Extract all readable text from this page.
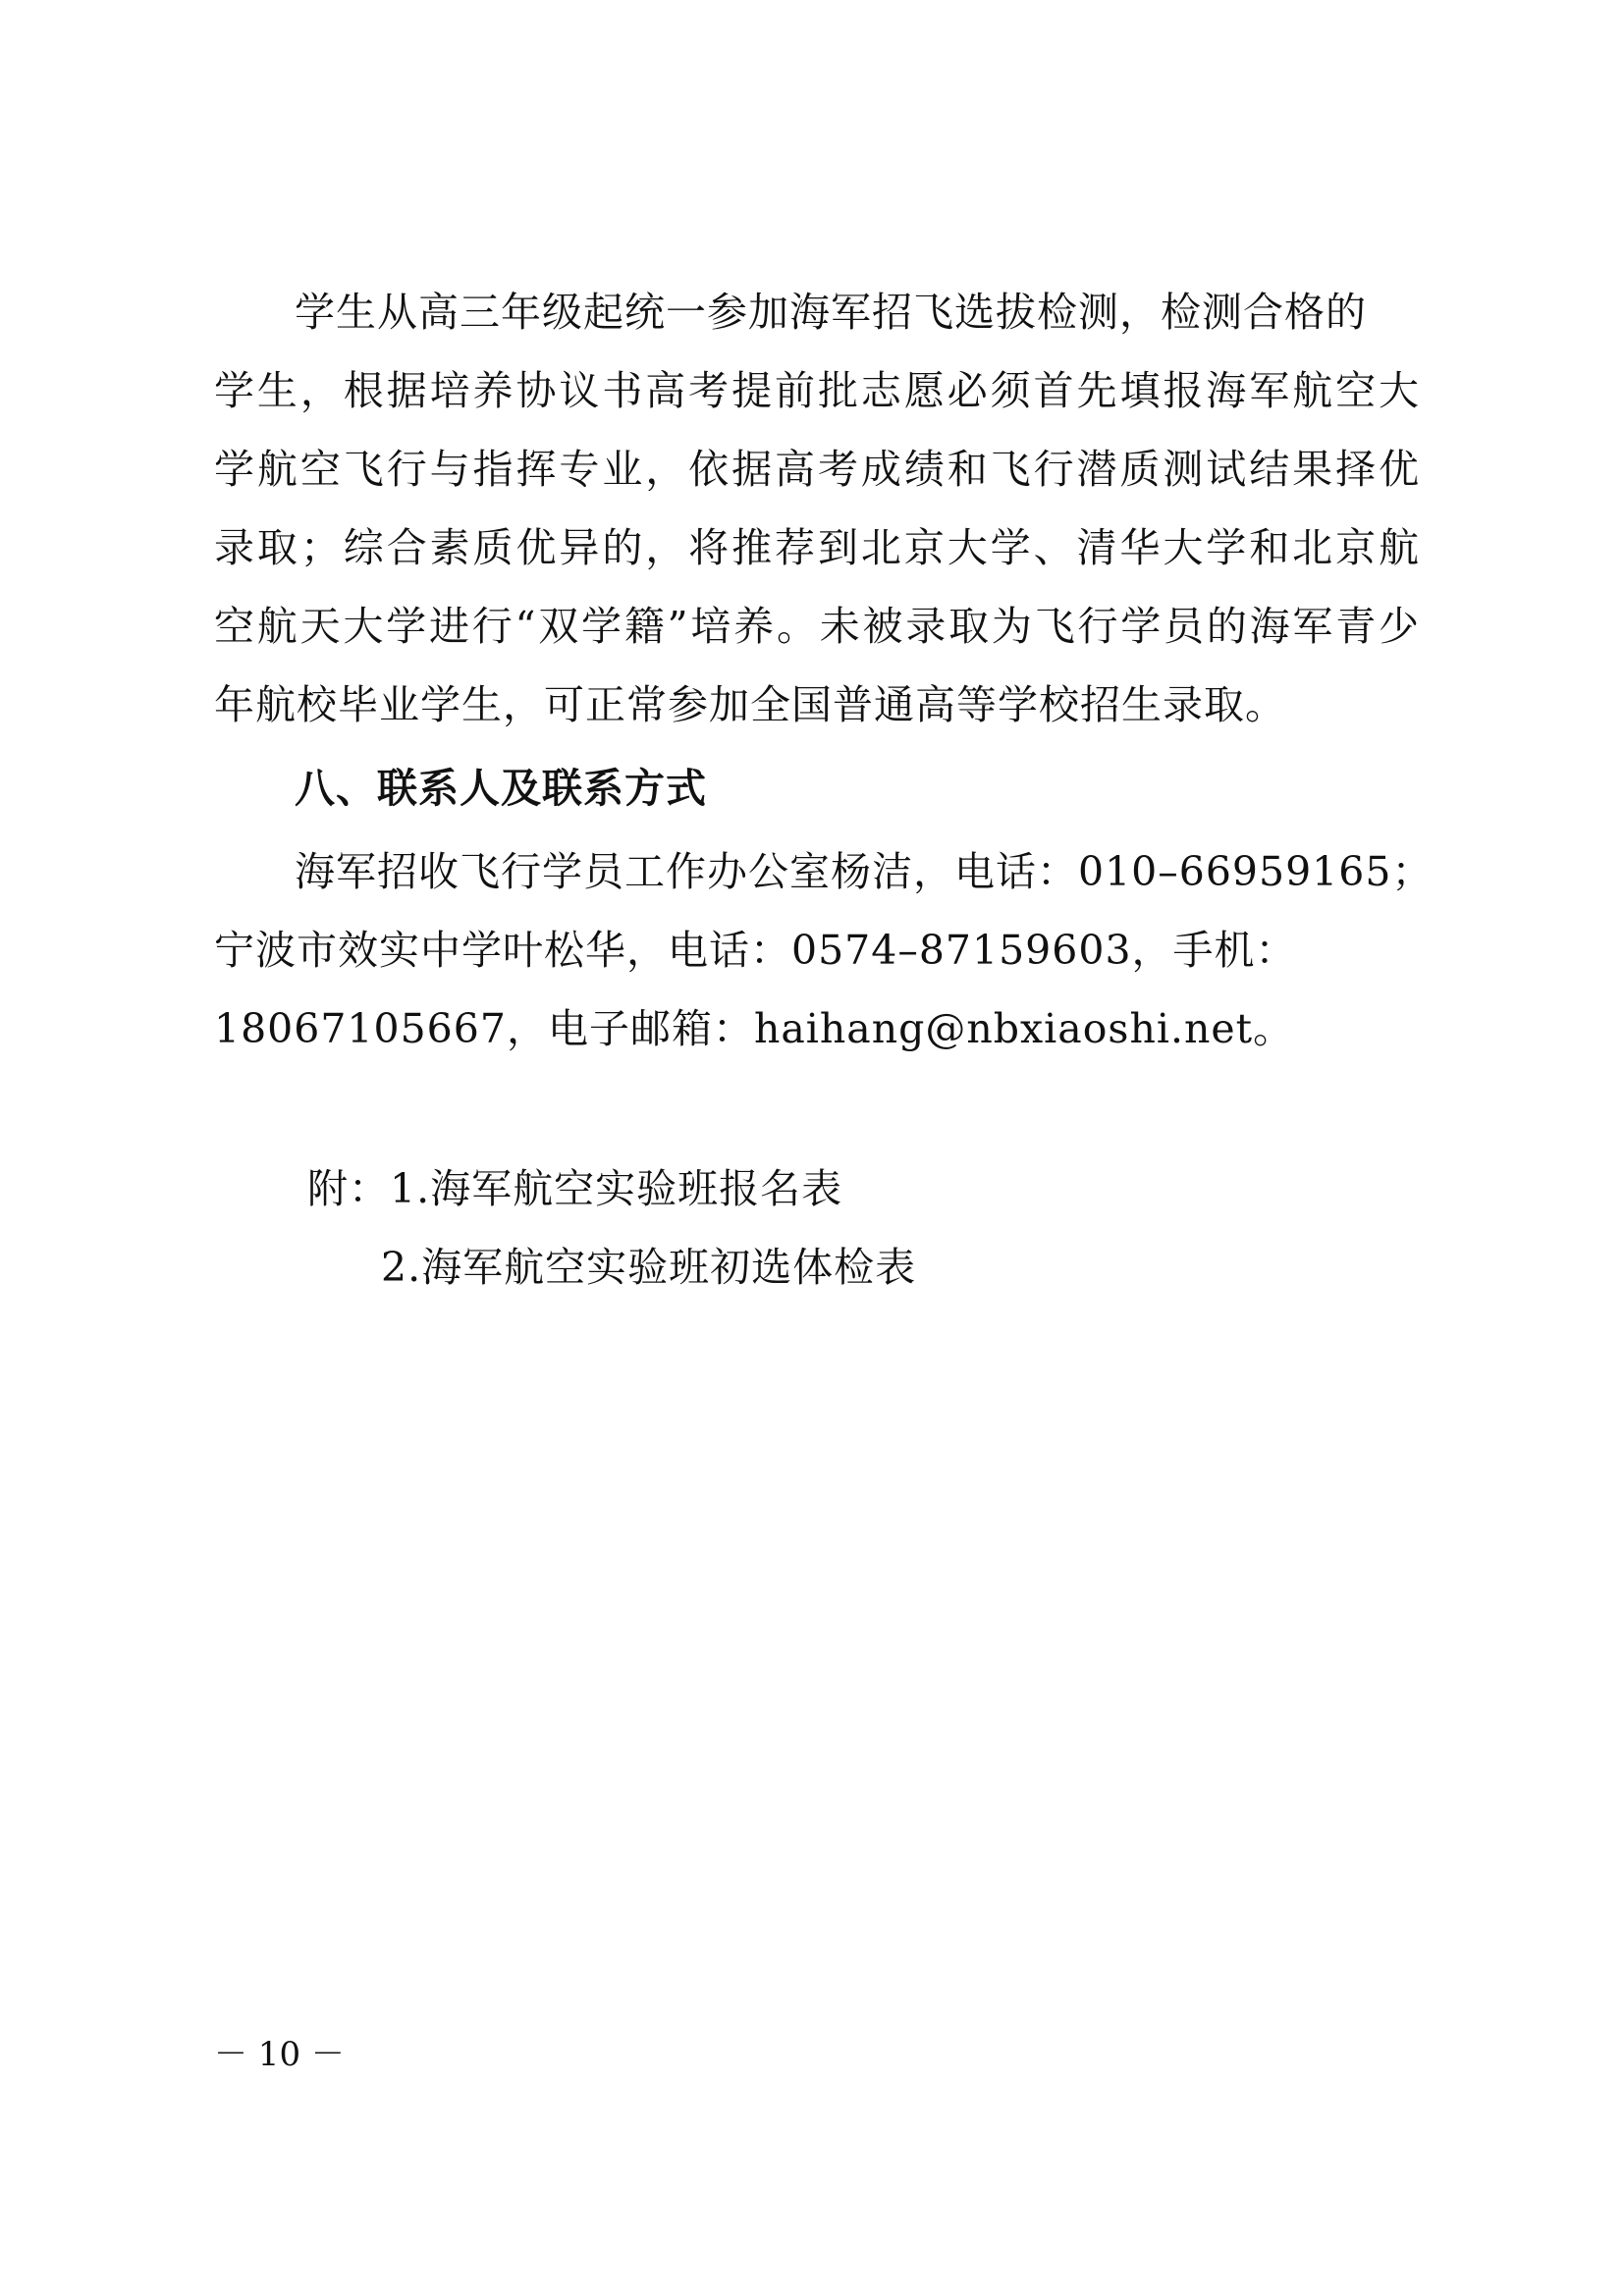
学生从高三年级起统一参加海军招飞选拔检测，检测合格的
学生，根据培养协议书高考提前批志愿必须首先填报海军航空大
学航空飞行与指挥专业，依据高考成绩和飞行潜质测试结果择优
录取；综合素质优异的，将推荐到北京大学、清华大学和北京航
空航天大学进行“双学籍”培养。未被录取为飞行学员的海军青少
年航校毕业学生，可正常参加全国普通高等学校招生录取。
八、联系人及联系方式
海军招收飞行学员工作办公室杨洁，电话：010–66959165；
宁波市效实中学叶松华，电话：0574–87159603，手机：
18067105667，电子邮箱：haihang@nbxiaoshi.net。
附：1.海军航空实验班报名表
2.海军航空实验班初选体检表
－ 10 －
